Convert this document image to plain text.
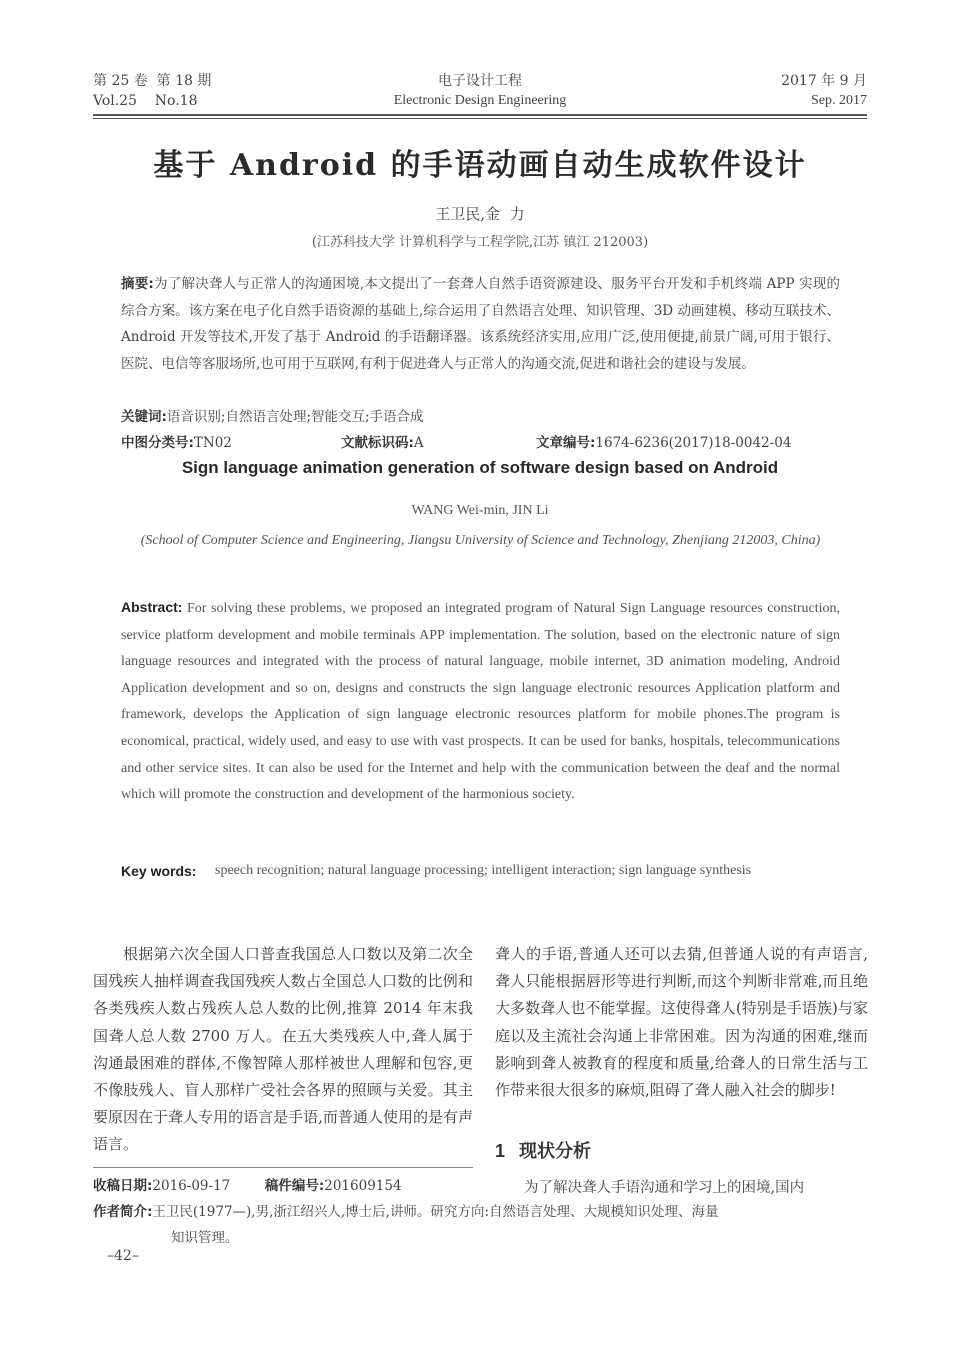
第 25 卷  第 18 期
Vol.25    No.18
电子设计工程
Electronic Design Engineering
2017 年 9 月
Sep. 2017
基于 Android 的手语动画自动生成软件设计
王卫民,金  力
(江苏科技大学 计算机科学与工程学院,江苏 镇江 212003)
摘要:为了解决聋人与正常人的沟通困境,本文提出了一套聋人自然手语资源建设、服务平台开发和手机终端 APP 实现的综合方案。该方案在电子化自然手语资源的基础上,综合运用了自然语言处理、知识管理、3D 动画建模、移动互联技术、Android 开发等技术,开发了基于 Android 的手语翻译器。该系统经济实用,应用广泛,使用便捷,前景广阔,可用于银行、医院、电信等客服场所,也可用于互联网,有利于促进聋人与正常人的沟通交流,促进和谐社会的建设与发展。
关键词:语音识别;自然语言处理;智能交互;手语合成
中图分类号:TN02	文献标识码:A	文章编号:1674-6236(2017)18-0042-04
Sign language animation generation of software design based on Android
WANG Wei-min, JIN Li
(School of Computer Science and Engineering, Jiangsu University of Science and Technology, Zhenjiang 212003, China)
Abstract: For solving these problems, we proposed an integrated program of Natural Sign Language resources construction, service platform development and mobile terminals APP implementation. The solution, based on the electronic nature of sign language resources and integrated with the process of natural language, mobile internet, 3D animation modeling, Android Application development and so on, designs and constructs the sign language electronic resources Application platform and framework, develops the Application of sign language electronic resources platform for mobile phones.The program is economical, practical, widely used, and easy to use with vast prospects. It can be used for banks, hospitals, telecommunications and other service sites. It can also be used for the Internet and help with the communication between the deaf and the normal which will promote the construction and development of the harmonious society.
Key words:	speech recognition; natural language processing; intelligent interaction; sign language synthesis
根据第六次全国人口普查我国总人口数以及第二次全国残疾人抽样调查我国残疾人数占全国总人口数的比例和各类残疾人数占残疾人总人数的比例,推算 2014 年末我国聋人总人数 2700 万人。在五大类残疾人中,聋人属于沟通最困难的群体,不像智障人那样被世人理解和包容,更不像肢残人、盲人那样广受社会各界的照顾与关爱。其主要原因在于聋人专用的语言是手语,而普通人使用的是有声语言。
聋人的手语,普通人还可以去猜,但普通人说的有声语言,聋人只能根据唇形等进行判断,而这个判断非常难,而且绝大多数聋人也不能掌握。这使得聋人(特别是手语族)与家庭以及主流社会沟通上非常困难。因为沟通的困难,继而影响到聋人被教育的程度和质量,给聋人的日常生活与工作带来很大很多的麻烦,阻碍了聋人融入社会的脚步!
1 现状分析
为了解决聋人手语沟通和学习上的困境,国内
收稿日期:2016-09-17	稿件编号:201609154
作者简介:王卫民(1977—),男,浙江绍兴人,博士后,讲师。研究方向:自然语言处理、大规模知识处理、海量
知识管理。
–42–
